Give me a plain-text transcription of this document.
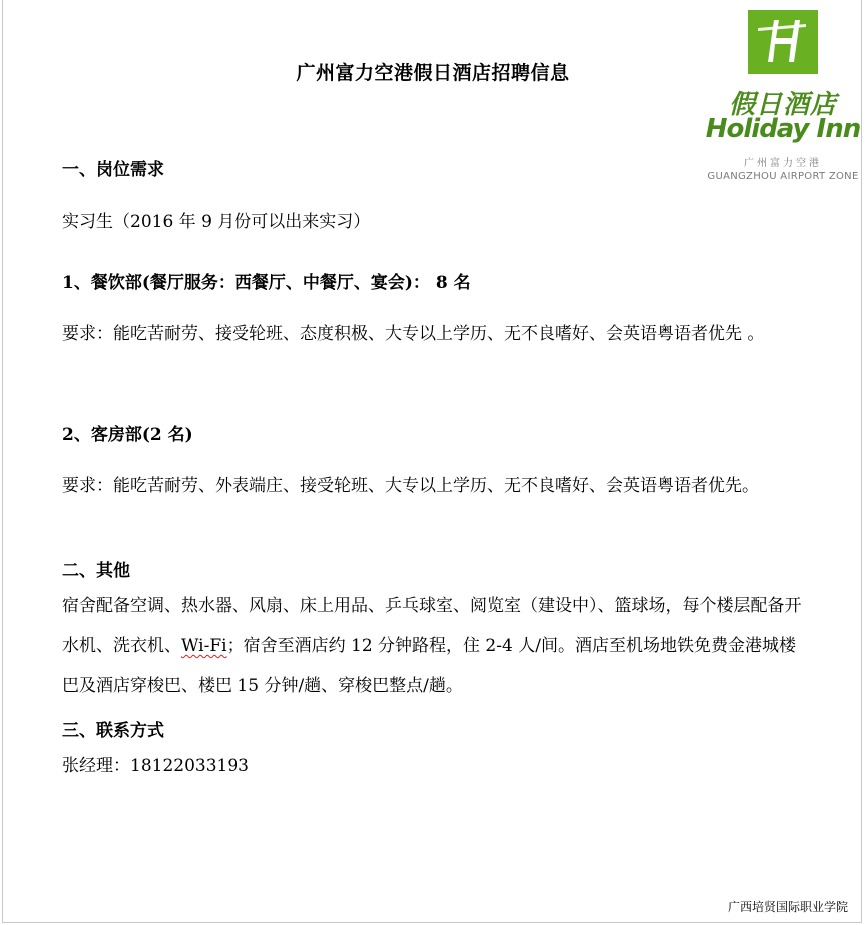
广州富力空港假日酒店招聘信息
假日酒店
Holiday Inn
广州富力空港
GUANGZHOU AIRPORT ZONE
一、岗位需求
实习生（2016 年 9 月份可以出来实习）
1、餐饮部(餐厅服务：西餐厅、中餐厅、宴会)： 8 名
要求：能吃苦耐劳、接受轮班、态度积极、大专以上学历、无不良嗜好、会英语粤语者优先 。
2、客房部(2 名)
要求：能吃苦耐劳、外表端庄、接受轮班、大专以上学历、无不良嗜好、会英语粤语者优先。
二、其他
宿舍配备空调、热水器、风扇、床上用品、乒乓球室、阅览室（建设中）、篮球场，每个楼层配备开水机、洗衣机、Wi-Fi；宿舍至酒店约 12 分钟路程，住 2-4 人/间。酒店至机场地铁免费金港城楼巴及酒店穿梭巴、楼巴 15 分钟/趟、穿梭巴整点/趟。
三、联系方式
张经理：18122033193
广西培贤国际职业学院
